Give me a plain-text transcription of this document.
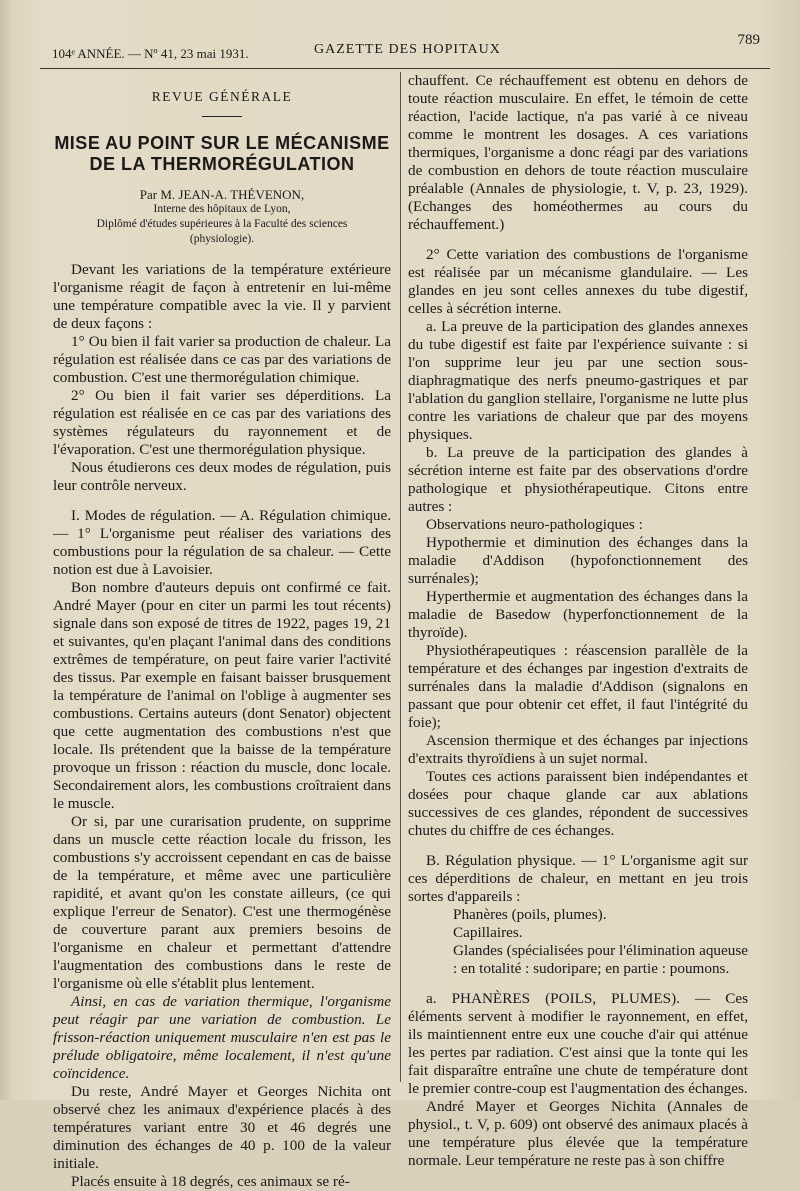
104ᵉ ANNÉE. — Nº 41, 23 mai 1931.	GAZETTE DES HOPITAUX
789
REVUE GÉNÉRALE
MISE AU POINT SUR LE MÉCANISME
DE LA THERMORÉGULATION
Par M. JEAN-A. THÉVENON,
Interne des hôpitaux de Lyon,
Diplômé d'études supérieures à la Faculté des sciences
(physiologie).

Devant les variations de la température extérieure l'organisme réagit de façon à entretenir en lui-même une température compatible avec la vie. Il y parvient de deux façons :

1° Ou bien il fait varier sa production de chaleur. La régulation est réalisée dans ce cas par des variations de combustion. C'est une thermorégulation chimique.

2° Ou bien il fait varier ses déperditions. La régulation est réalisée en ce cas par des variations des systèmes régulateurs du rayonnement et de l'évaporation. C'est une thermorégulation physique.

Nous étudierons ces deux modes de régulation, puis leur contrôle nerveux.

I. Modes de régulation. — A. Régulation chimique. — 1° L'organisme peut réaliser des variations des combustions pour la régulation de sa chaleur. — Cette notion est due à Lavoisier.

Bon nombre d'auteurs depuis ont confirmé ce fait. André Mayer (pour en citer un parmi les tout récents) signale dans son exposé de titres de 1922, pages 19, 21 et suivantes, qu'en plaçant l'animal dans des conditions extrêmes de température, on peut faire varier l'activité des tissus. Par exemple en faisant baisser brusquement la température de l'animal on l'oblige à augmenter ses combustions. Certains auteurs (dont Senator) objectent que cette augmentation des combustions n'est que locale. Ils prétendent que la baisse de la température provoque un frisson : réaction du muscle, donc locale. Secondairement alors, les combustions croîtraient dans le muscle.

Or si, par une curarisation prudente, on supprime dans un muscle cette réaction locale du frisson, les combustions s'y accroissent cependant en cas de baisse de la température, et même avec une particulière rapidité, et avant qu'on les constate ailleurs, (ce qui explique l'erreur de Senator). C'est une thermogénèse de couverture parant aux premiers besoins de l'organisme en chaleur et permettant d'attendre l'augmentation des combustions dans le reste de l'organisme où elle s'établit plus lentement.

Ainsi, en cas de variation thermique, l'organisme peut réagir par une variation de combustion. Le frisson-réaction uniquement musculaire n'en est pas le prélude obligatoire, même localement, il n'est qu'une coïncidence.

Du reste, André Mayer et Georges Nichita ont observé chez les animaux d'expérience placés à des températures variant entre 30 et 46 degrés une diminution des échanges de 40 p. 100 de la valeur initiale.

Placés ensuite à 18 degrés, ces animaux se ré-

chauffent. Ce réchauffement est obtenu en dehors de toute réaction musculaire. En effet, le témoin de cette réaction, l'acide lactique, n'a pas varié à ce niveau comme le montrent les dosages. A ces variations thermiques, l'organisme a donc réagi par des variations de combustion en dehors de toute réaction musculaire préalable (Annales de physiologie, t. V, p. 23, 1929). (Echanges des homéothermes au cours du réchauffement.)

2° Cette variation des combustions de l'organisme est réalisée par un mécanisme glandulaire. — Les glandes en jeu sont celles annexes du tube digestif, celles à sécrétion interne.

a. La preuve de la participation des glandes annexes du tube digestif est faite par l'expérience suivante : si l'on supprime leur jeu par une section sous-diaphragmatique des nerfs pneumo-gastriques et par l'ablation du ganglion stellaire, l'organisme ne lutte plus contre les variations de chaleur que par des moyens physiques.

b. La preuve de la participation des glandes à sécrétion interne est faite par des observations d'ordre pathologique et physiothérapeutique. Citons entre autres :

Observations neuro-pathologiques :

Hypothermie et diminution des échanges dans la maladie d'Addison (hypofonctionnement des surrénales);

Hyperthermie et augmentation des échanges dans la maladie de Basedow (hyperfonctionnement de la thyroïde).

Physiothérapeutiques : réascension parallèle de la température et des échanges par ingestion d'extraits de surrénales dans la maladie d'Addison (signalons en passant que pour obtenir cet effet, il faut l'intégrité du foie);

Ascension thermique et des échanges par injections d'extraits thyroïdiens à un sujet normal.

Toutes ces actions paraissent bien indépendantes et dosées pour chaque glande car aux ablations successives de ces glandes, répondent de successives chutes du chiffre de ces échanges.

B. Régulation physique. — 1° L'organisme agit sur ces déperditions de chaleur, en mettant en jeu trois sortes d'appareils :

Phanères (poils, plumes).
Capillaires.
Glandes (spécialisées pour l'élimination aqueuse : en totalité : sudoripare; en partie : poumons.

a. PHANÈRES (POILS, PLUMES). — Ces éléments servent à modifier le rayonnement, en effet, ils maintiennent entre eux une couche d'air qui atténue les pertes par radiation. C'est ainsi que la tonte qui les fait disparaître entraîne une chute de température dont le premier contre-coup est l'augmentation des échanges.

André Mayer et Georges Nichita (Annales de physiol., t. V, p. 609) ont observé des animaux placés à une température plus élevée que la température normale. Leur température ne reste pas à son chiffre
